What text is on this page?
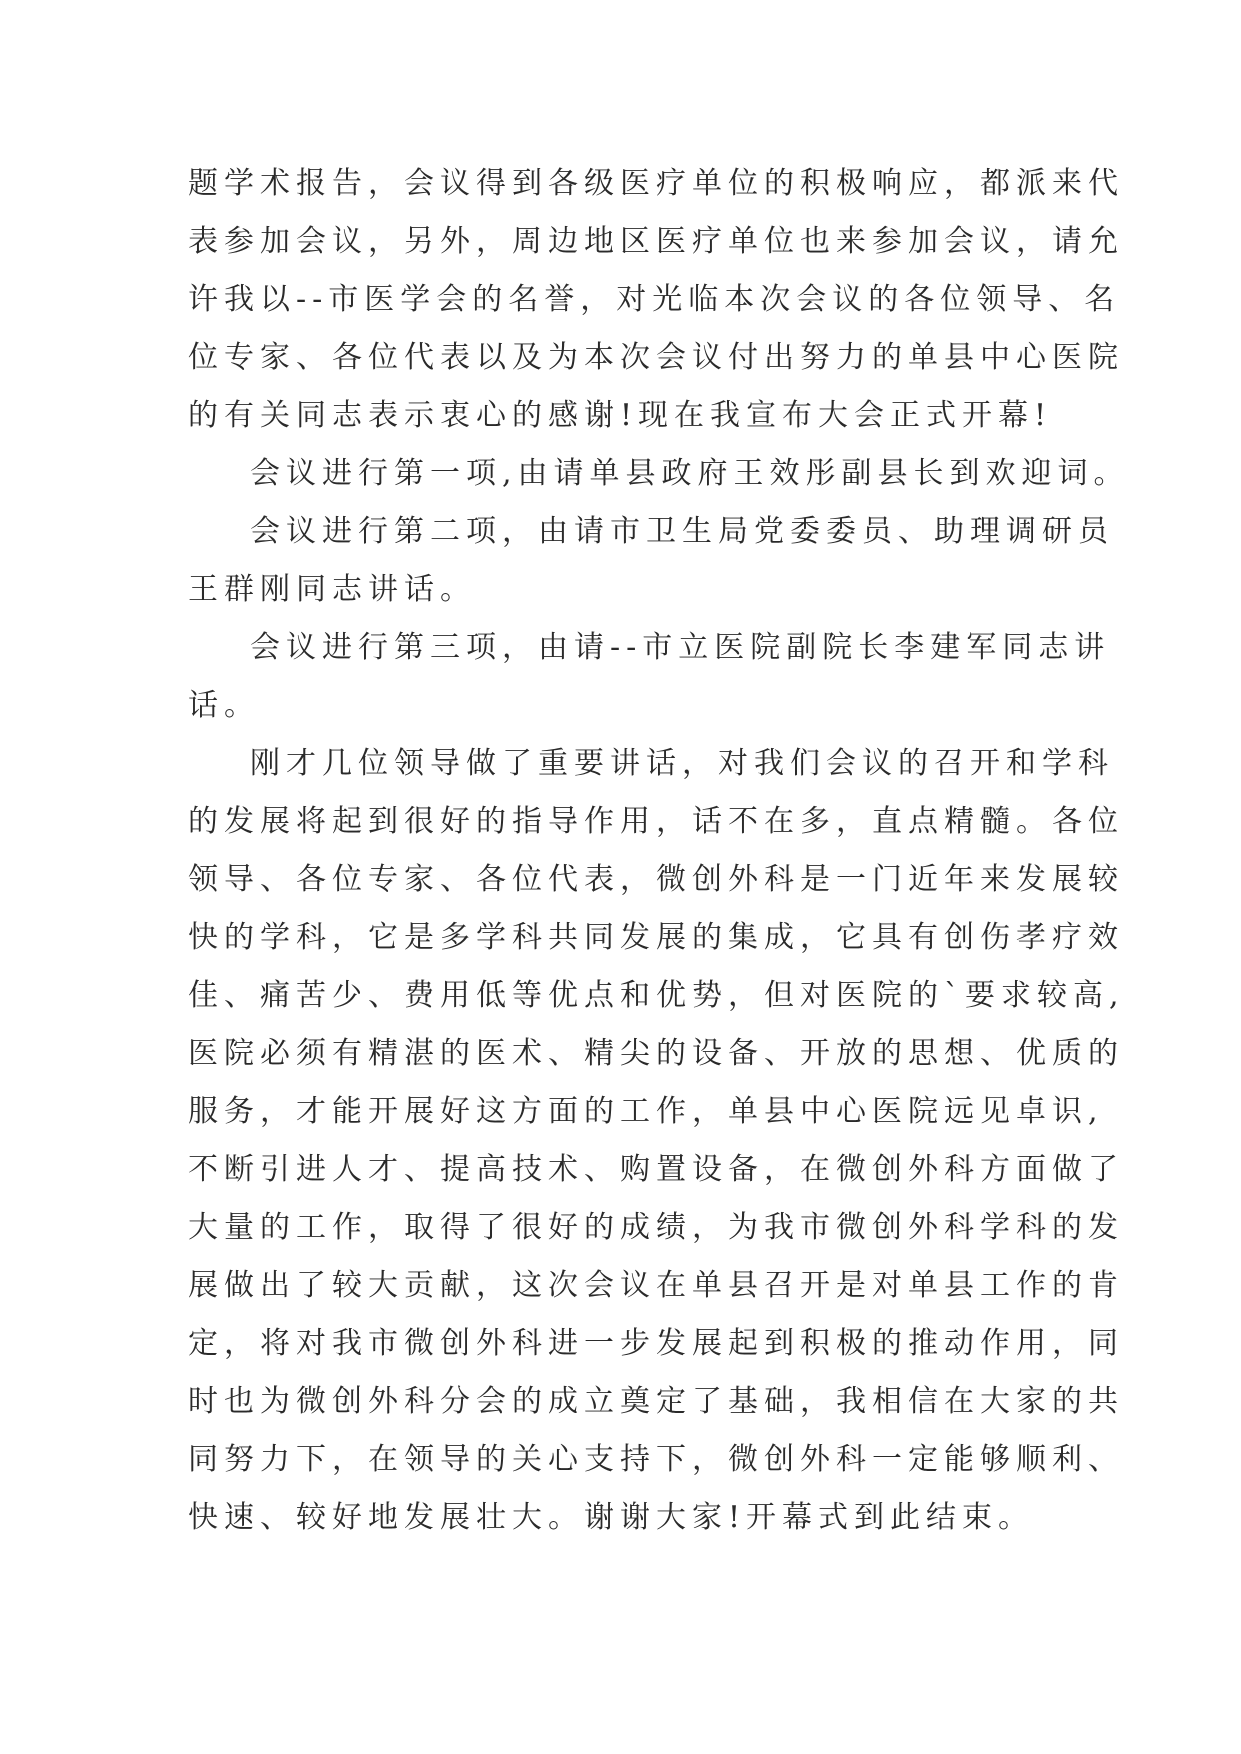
题学术报告，会议得到各级医疗单位的积极响应，都派来代
表参加会议，另外，周边地区医疗单位也来参加会议，请允
许我以--市医学会的名誉，对光临本次会议的各位领导、名
位专家、各位代表以及为本次会议付出努力的单县中心医院
的有关同志表示衷心的感谢!现在我宣布大会正式开幕!

会议进行第一项,由请单县政府王效彤副县长到欢迎词。

会议进行第二项，由请市卫生局党委委员、助理调研员
王群刚同志讲话。

会议进行第三项，由请--市立医院副院长李建军同志讲
话。

刚才几位领导做了重要讲话，对我们会议的召开和学科
的发展将起到很好的指导作用，话不在多，直点精髓。各位
领导、各位专家、各位代表，微创外科是一门近年来发展较
快的学科，它是多学科共同发展的集成，它具有创伤孝疗效
佳、痛苦少、费用低等优点和优势，但对医院的`要求较高,
医院必须有精湛的医术、精尖的设备、开放的思想、优质的
服务，才能开展好这方面的工作，单县中心医院远见卓识,
不断引进人才、提高技术、购置设备，在微创外科方面做了
大量的工作，取得了很好的成绩，为我市微创外科学科的发
展做出了较大贡献，这次会议在单县召开是对单县工作的肯
定，将对我市微创外科进一步发展起到积极的推动作用，同
时也为微创外科分会的成立奠定了基础，我相信在大家的共
同努力下，在领导的关心支持下，微创外科一定能够顺利、
快速、较好地发展壮大。谢谢大家!开幕式到此结束。
